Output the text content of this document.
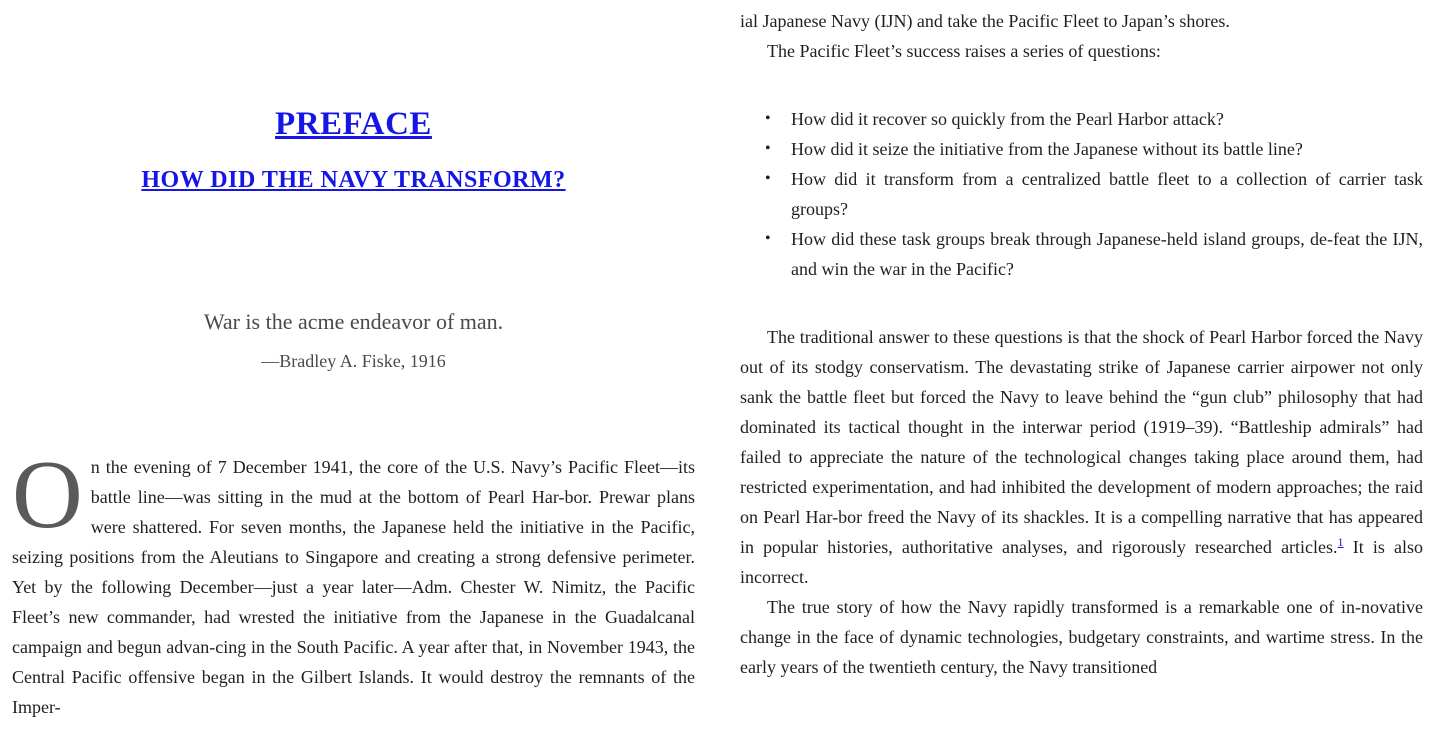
PREFACE
HOW DID THE NAVY TRANSFORM?

War is the acme endeavor of man.

—Bradley A. Fiske, 1916

On the evening of 7 December 1941, the core of the U.S. Navy’s Pacific Fleet—its battle line—was sitting in the mud at the bottom of Pearl Har-bor. Prewar plans were shattered. For seven months, the Japanese held the initiative in the Pacific, seizing positions from the Aleutians to Singapore and creating a strong defensive perimeter. Yet by the following December—just a year later—Adm. Chester W. Nimitz, the Pacific Fleet’s new commander, had wrested the initiative from the Japanese in the Guadalcanal campaign and begun advan-cing in the South Pacific. A year after that, in November 1943, the Central Pacific offensive began in the Gilbert Islands. It would destroy the remnants of the Imper-

ial Japanese Navy (IJN) and take the Pacific Fleet to Japan’s shores.

The Pacific Fleet’s success raises a series of questions:

• How did it recover so quickly from the Pearl Harbor attack?
• How did it seize the initiative from the Japanese without its battle line?
• How did it transform from a centralized battle fleet to a collection of carrier task groups?
• How did these task groups break through Japanese-held island groups, de-feat the IJN, and win the war in the Pacific?

The traditional answer to these questions is that the shock of Pearl Harbor forced the Navy out of its stodgy conservatism. The devastating strike of Japanese carrier airpower not only sank the battle fleet but forced the Navy to leave behind the “gun club” philosophy that had dominated its tactical thought in the interwar period (1919–39). “Battleship admirals” had failed to appreciate the nature of the technological changes taking place around them, had restricted experimentation, and had inhibited the development of modern approaches; the raid on Pearl Har-bor freed the Navy of its shackles. It is a compelling narrative that has appeared in popular histories, authoritative analyses, and rigorously researched articles.$^1$ It is also incorrect.

The true story of how the Navy rapidly transformed is a remarkable one of in-novative change in the face of dynamic technologies, budgetary constraints, and wartime stress. In the early years of the twentieth century, the Navy transitioned
